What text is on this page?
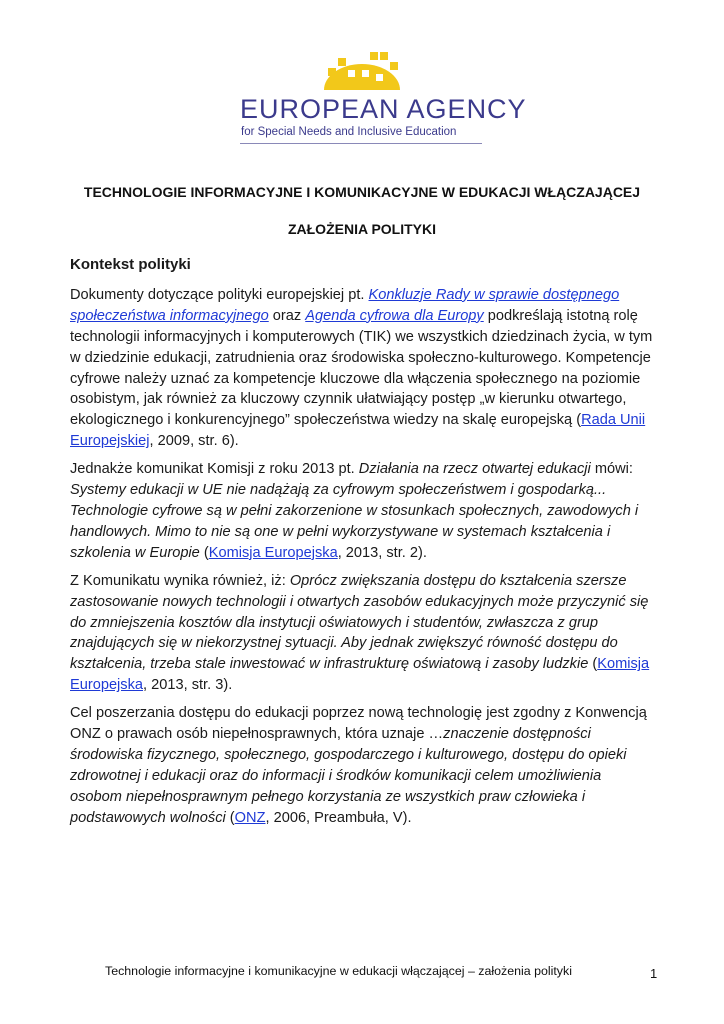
EUROPEAN AGENCY
for Special Needs and Inclusive Education
TECHNOLOGIE INFORMACYJNE I KOMUNIKACYJNE W EDUKACJI WŁĄCZAJĄCEJ
ZAŁOŻENIA POLITYKI
Kontekst polityki

Dokumenty dotyczące polityki europejskiej pt. Konkluzje Rady w sprawie dostępnego społeczeństwa informacyjnego oraz Agenda cyfrowa dla Europy podkreślają istotną rolę technologii informacyjnych i komputerowych (TIK) we wszystkich dziedzinach życia, w tym w dziedzinie edukacji, zatrudnienia oraz środowiska społeczno-kulturowego. Kompetencje cyfrowe należy uznać za kompetencje kluczowe dla włączenia społecznego na poziomie osobistym, jak również za kluczowy czynnik ułatwiający postęp „w kierunku otwartego, ekologicznego i konkurencyjnego” społeczeństwa wiedzy na skalę europejską (Rada Unii Europejskiej, 2009, str. 6).

Jednakże komunikat Komisji z roku 2013 pt. Działania na rzecz otwartej edukacji mówi: Systemy edukacji w UE nie nadążają za cyfrowym społeczeństwem i gospodarką... Technologie cyfrowe są w pełni zakorzenione w stosunkach społecznych, zawodowych i handlowych. Mimo to nie są one w pełni wykorzystywane w systemach kształcenia i szkolenia w Europie (Komisja Europejska, 2013, str. 2).

Z Komunikatu wynika również, iż: Oprócz zwiększania dostępu do kształcenia szersze zastosowanie nowych technologii i otwartych zasobów edukacyjnych może przyczynić się do zmniejszenia kosztów dla instytucji oświatowych i studentów, zwłaszcza z grup znajdujących się w niekorzystnej sytuacji. Aby jednak zwiększyć równość dostępu do kształcenia, trzeba stale inwestować w infrastrukturę oświatową i zasoby ludzkie (Komisja Europejska, 2013, str. 3).

Cel poszerzania dostępu do edukacji poprzez nową technologię jest zgodny z Konwencją ONZ o prawach osób niepełnosprawnych, która uznaje …znaczenie dostępności środowiska fizycznego, społecznego, gospodarczego i kulturowego, dostępu do opieki zdrowotnej i edukacji oraz do informacji i środków komunikacji celem umożliwienia osobom niepełnosprawnym pełnego korzystania ze wszystkich praw człowieka i podstawowych wolności (ONZ, 2006, Preambuła, V).

Technologie informacyjne i komunikacyjne w edukacji włączającej – założenia polityki	1
